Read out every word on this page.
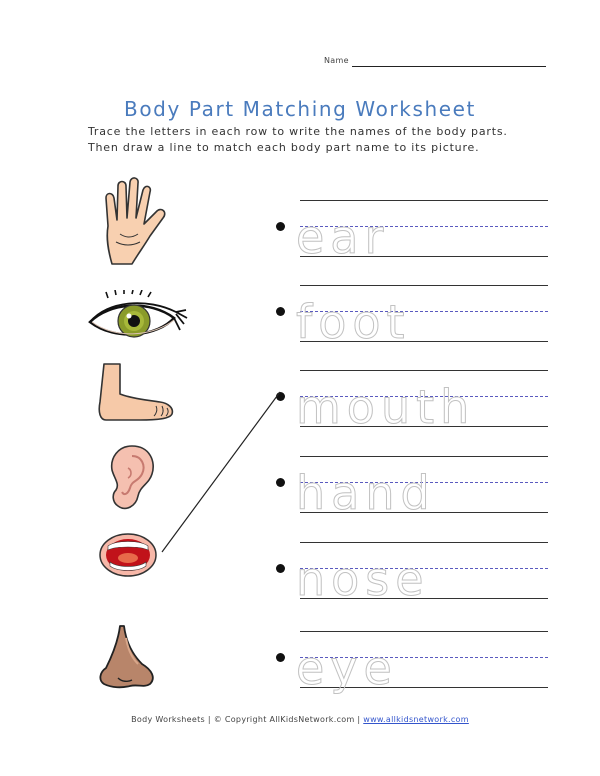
Name
Body Part Matching Worksheet

Trace the letters in each row to write the names of the body parts.

Then draw a line to match each body part name to its picture.

ear
foot
mouth
hand
nose
eye
Body Worksheets | © Copyright AllKidsNetwork.com | www.allkidsnetwork.com
